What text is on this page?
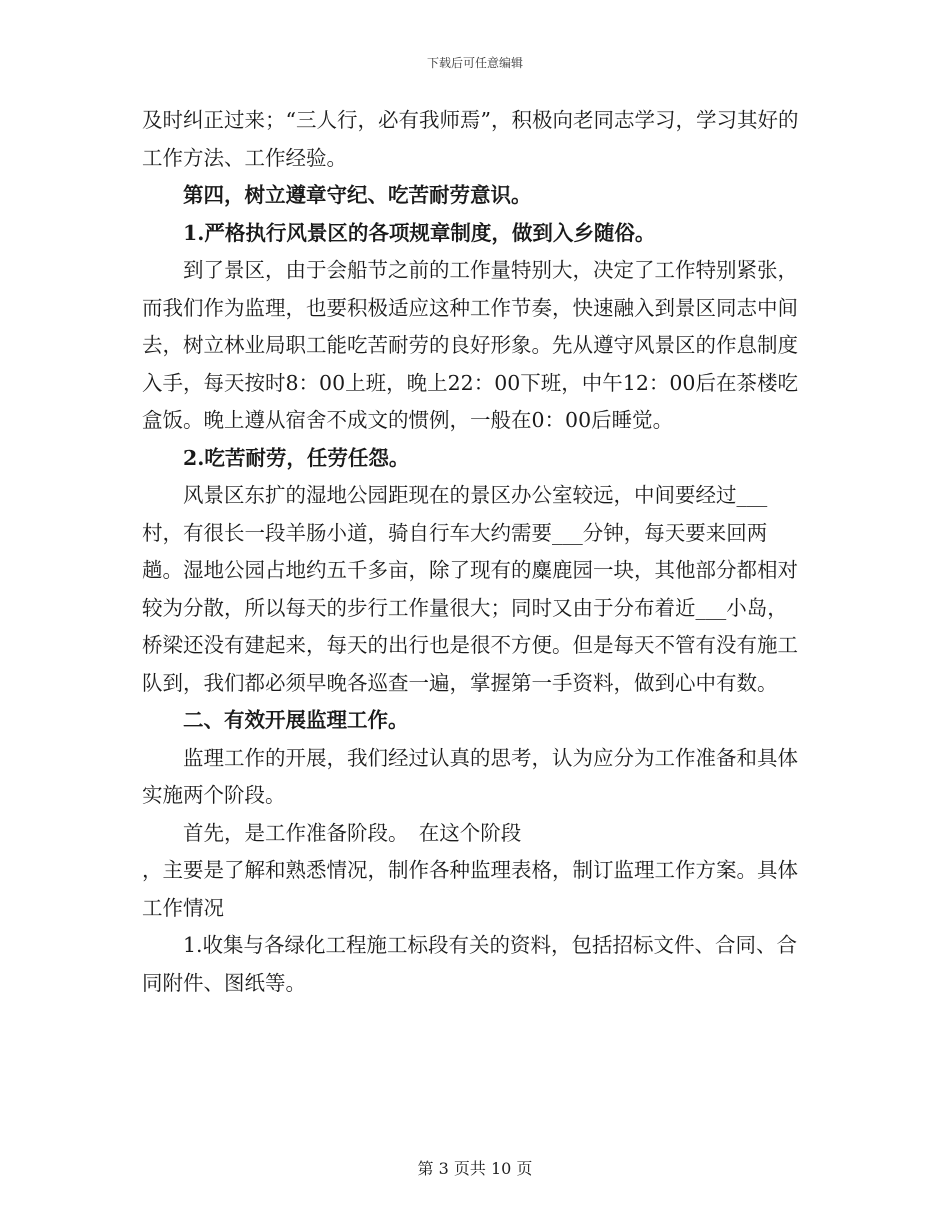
下载后可任意编辑

及时纠正过来；“三人行，必有我师焉”，积极向老同志学习，学习其好的工作方法、工作经验。

第四，树立遵章守纪、吃苦耐劳意识。

1.严格执行风景区的各项规章制度，做到入乡随俗。

到了景区，由于会船节之前的工作量特别大，决定了工作特别紧张，而我们作为监理，也要积极适应这种工作节奏，快速融入到景区同志中间去，树立林业局职工能吃苦耐劳的良好形象。先从遵守风景区的作息制度入手，每天按时8：00上班，晚上22：00下班，中午12：00后在茶楼吃盒饭。晚上遵从宿舍不成文的惯例，一般在0：00后睡觉。

2.吃苦耐劳，任劳任怨。

风景区东扩的湿地公园距现在的景区办公室较远，中间要经过___村，有很长一段羊肠小道，骑自行车大约需要___分钟，每天要来回两趟。湿地公园占地约五千多亩，除了现有的麋鹿园一块，其他部分都相对较为分散，所以每天的步行工作量很大；同时又由于分布着近___小岛，桥梁还没有建起来，每天的出行也是很不方便。但是每天不管有没有施工队到，我们都必须早晚各巡查一遍，掌握第一手资料，做到心中有数。

二、有效开展监理工作。

监理工作的开展，我们经过认真的思考，认为应分为工作准备和具体实施两个阶段。

首先，是工作准备阶段。　在这个阶段

，主要是了解和熟悉情况，制作各种监理表格，制订监理工作方案。具体工作情况

1.收集与各绿化工程施工标段有关的资料，包括招标文件、合同、合同附件、图纸等。

第 3 页共 10 页
